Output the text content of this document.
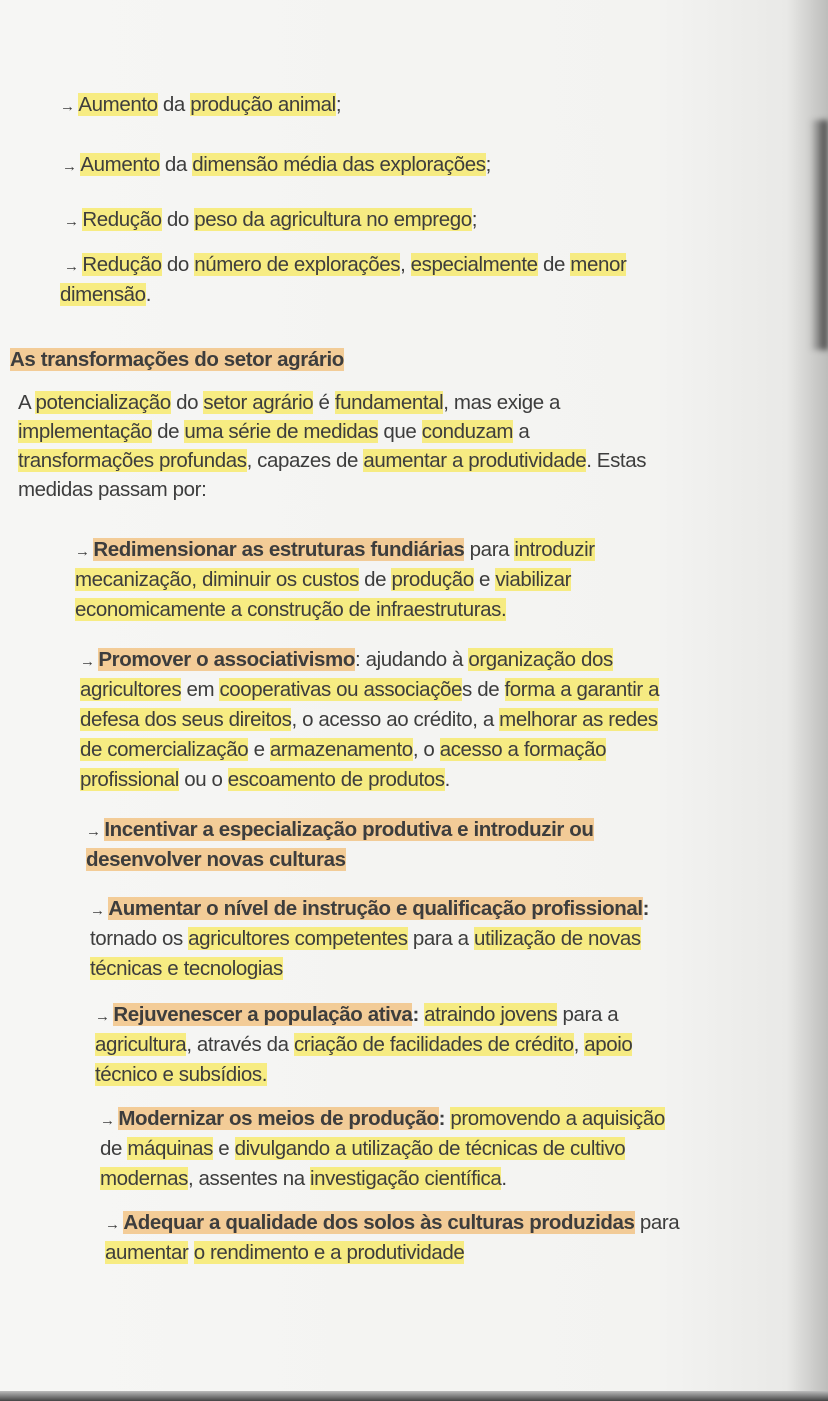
→ Aumento da produção animal;
→ Aumento da dimensão média das explorações;
→ Redução do peso da agricultura no emprego;
→ Redução do número de explorações, especialmente de menor
dimensão.
As transformações do setor agrário
A potencialização do setor agrário é fundamental, mas exige a
implementação de uma série de medidas que conduzam a
transformações profundas, capazes de aumentar a produtividade. Estas
medidas passam por:
→ Redimensionar as estruturas fundiárias para introduzir
mecanização, diminuir os custos de produção e viabilizar
economicamente a construção de infraestruturas.
→ Promover o associativismo: ajudando à organização dos
agricultores em cooperativas ou associações de forma a garantir a
defesa dos seus direitos, o acesso ao crédito, a melhorar as redes
de comercialização e armazenamento, o acesso a formação
profissional ou o escoamento de produtos.
→ Incentivar a especialização produtiva e introduzir ou
desenvolver novas culturas
→ Aumentar o nível de instrução e qualificação profissional:
tornado os agricultores competentes para a utilização de novas
técnicas e tecnologias
→ Rejuvenescer a população ativa: atraindo jovens para a
agricultura, através da criação de facilidades de crédito, apoio
técnico e subsídios.
→ Modernizar os meios de produção: promovendo a aquisição
de máquinas e divulgando a utilização de técnicas de cultivo
modernas, assentes na investigação científica.
→ Adequar a qualidade dos solos às culturas produzidas para
aumentar o rendimento e a produtividade
